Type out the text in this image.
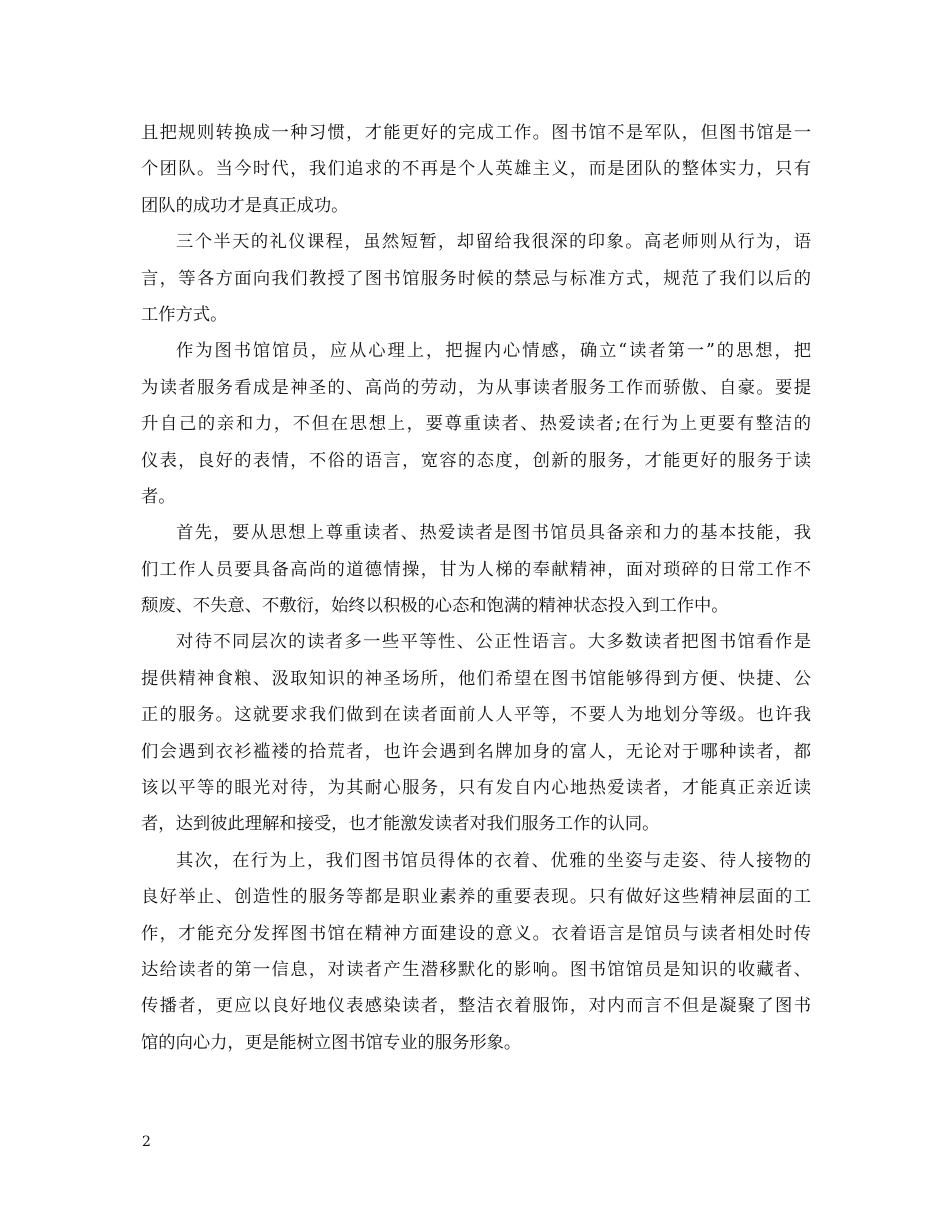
且把规则转换成一种习惯，才能更好的完成工作。图书馆不是军队，但图书馆是一
个团队。当今时代，我们追求的不再是个人英雄主义，而是团队的整体实力，只有
团队的成功才是真正成功。
三个半天的礼仪课程，虽然短暂，却留给我很深的印象。高老师则从行为，语
言，等各方面向我们教授了图书馆服务时候的禁忌与标准方式，规范了我们以后的
工作方式。
作为图书馆馆员，应从心理上，把握内心情感，确立“读者第一”的思想，把
为读者服务看成是神圣的、高尚的劳动，为从事读者服务工作而骄傲、自豪。要提
升自己的亲和力，不但在思想上，要尊重读者、热爱读者;在行为上更要有整洁的
仪表，良好的表情，不俗的语言，宽容的态度，创新的服务，才能更好的服务于读
者。
首先，要从思想上尊重读者、热爱读者是图书馆员具备亲和力的基本技能，我
们工作人员要具备高尚的道德情操，甘为人梯的奉献精神，面对琐碎的日常工作不
颓废、不失意、不敷衍，始终以积极的心态和饱满的精神状态投入到工作中。
对待不同层次的读者多一些平等性、公正性语言。大多数读者把图书馆看作是
提供精神食粮、汲取知识的神圣场所，他们希望在图书馆能够得到方便、快捷、公
正的服务。这就要求我们做到在读者面前人人平等，不要人为地划分等级。也许我
们会遇到衣衫褴褛的拾荒者，也许会遇到名牌加身的富人，无论对于哪种读者，都
该以平等的眼光对待，为其耐心服务，只有发自内心地热爱读者，才能真正亲近读
者，达到彼此理解和接受，也才能激发读者对我们服务工作的认同。
其次，在行为上，我们图书馆员得体的衣着、优雅的坐姿与走姿、待人接物的
良好举止、创造性的服务等都是职业素养的重要表现。只有做好这些精神层面的工
作，才能充分发挥图书馆在精神方面建设的意义。衣着语言是馆员与读者相处时传
达给读者的第一信息，对读者产生潜移默化的影响。图书馆馆员是知识的收藏者、
传播者，更应以良好地仪表感染读者，整洁衣着服饰，对内而言不但是凝聚了图书
馆的向心力，更是能树立图书馆专业的服务形象。
2
